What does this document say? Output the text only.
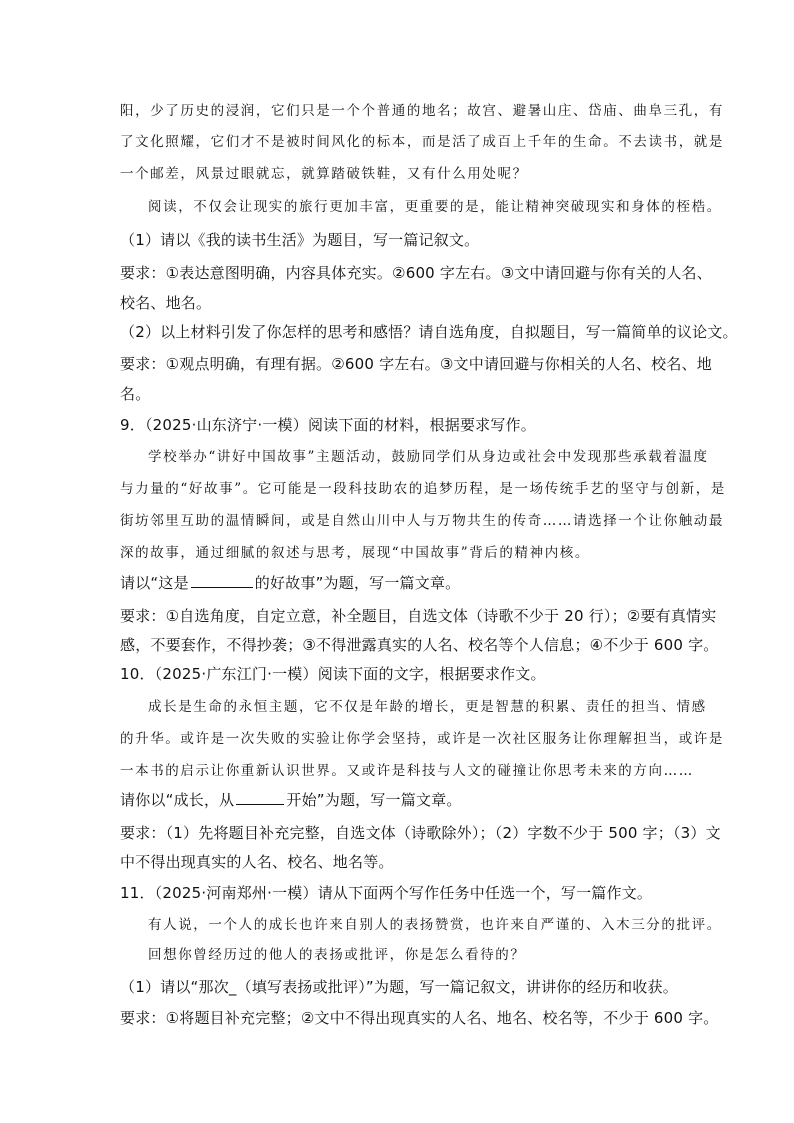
阳，少了历史的浸润，它们只是一个个普通的地名；故宫、避暑山庄、岱庙、曲阜三孔，有
了文化照耀，它们才不是被时间风化的标本，而是活了成百上千年的生命。不去读书，就是
一个邮差，风景过眼就忘，就算踏破铁鞋，又有什么用处呢？
阅读，不仅会让现实的旅行更加丰富，更重要的是，能让精神突破现实和身体的桎梏。
（1）请以《我的读书生活》为题目，写一篇记叙文。
要求：①表达意图明确，内容具体充实。②600 字左右。③文中请回避与你有关的人名、
校名、地名。
（2）以上材料引发了你怎样的思考和感悟？请自选角度，自拟题目，写一篇简单的议论文。
要求：①观点明确，有理有据。②600 字左右。③文中请回避与你相关的人名、校名、地
名。
9．（2025·山东济宁·一模）阅读下面的材料，根据要求写作。
学校举办“讲好中国故事”主题活动，鼓励同学们从身边或社会中发现那些承载着温度
与力量的“好故事”。它可能是一段科技助农的追梦历程，是一场传统手艺的坚守与创新，是
街坊邻里互助的温情瞬间，或是自然山川中人与万物共生的传奇……请选择一个让你触动最
深的故事，通过细腻的叙述与思考，展现“中国故事”背后的精神内核。
请以“这是	的好故事”为题，写一篇文章。
要求：①自选角度，自定立意，补全题目，自选文体（诗歌不少于 20 行）；②要有真情实
感，不要套作，不得抄袭；③不得泄露真实的人名、校名等个人信息；④不少于 600 字。
10．（2025·广东江门·一模）阅读下面的文字，根据要求作文。
成长是生命的永恒主题，它不仅是年龄的增长，更是智慧的积累、责任的担当、情感
的升华。或许是一次失败的实验让你学会坚持，或许是一次社区服务让你理解担当，或许是
一本书的启示让你重新认识世界。又或许是科技与人文的碰撞让你思考未来的方向……
请你以“成长，从	开始”为题，写一篇文章。
要求：（1）先将题目补充完整，自选文体（诗歌除外）；（2）字数不少于 500 字；（3）文
中不得出现真实的人名、校名、地名等。
11．（2025·河南郑州·一模）请从下面两个写作任务中任选一个，写一篇作文。
有人说，一个人的成长也许来自别人的表扬赞赏，也许来自严谨的、入木三分的批评。
回想你曾经历过的他人的表扬或批评，你是怎么看待的？
（1）请以“那次_（填写表扬或批评）”为题，写一篇记叙文，讲讲你的经历和收获。
要求：①将题目补充完整；②文中不得出现真实的人名、地名、校名等，不少于 600 字。
